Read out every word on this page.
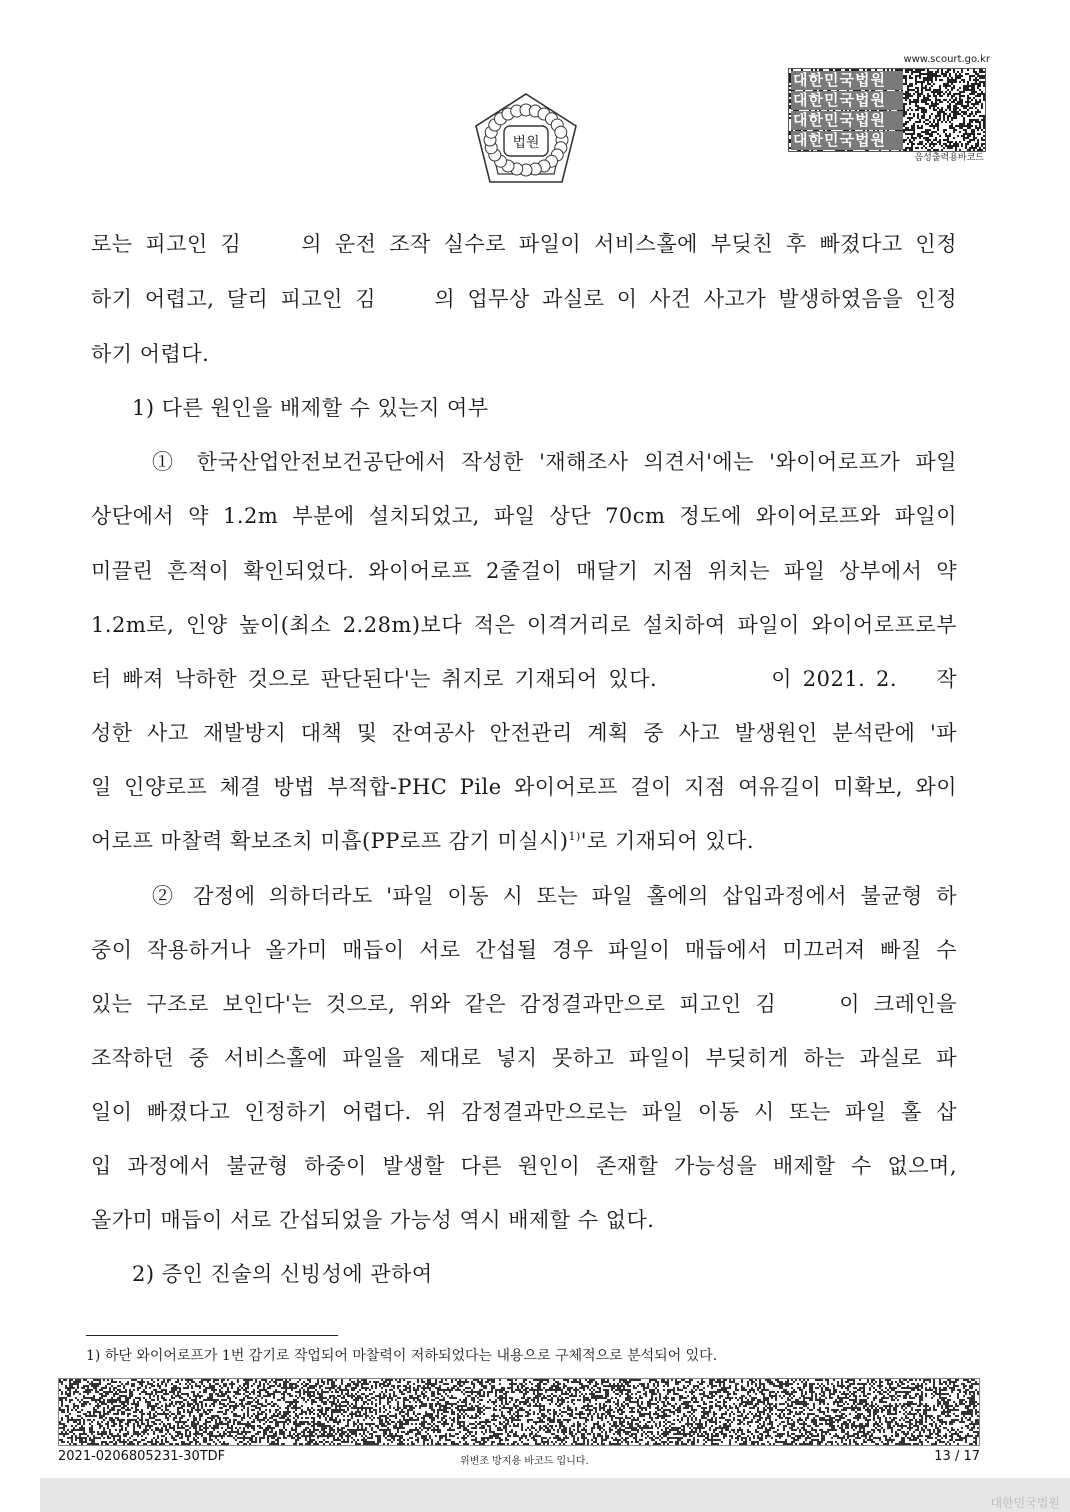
법원
www.scourt.go.kr
대한민국법원
대한민국법원
대한민국법원
대한민국법원
음성출력용바코드
로는 피고인 김　　의 운전 조작 실수로 파일이 서비스홀에 부딪친 후 빠졌다고 인정
하기 어렵고, 달리 피고인 김　　의 업무상 과실로 이 사건 사고가 발생하였음을 인정
하기 어렵다.
1) 다른 원인을 배제할 수 있는지 여부
① 한국산업안전보건공단에서 작성한 '재해조사 의견서'에는 '와이어로프가 파일
상단에서 약 1.2m 부분에 설치되었고, 파일 상단 70cm 정도에 와이어로프와 파일이
미끌린 흔적이 확인되었다. 와이어로프 2줄걸이 매달기 지점 위치는 파일 상부에서 약
1.2m로, 인양 높이(최소 2.28m)보다 적은 이격거리로 설치하여 파일이 와이어로프로부
터 빠져 낙하한 것으로 판단된다'는 취지로 기재되어 있다.　　　　 이 2021. 2.　 작
성한 사고 재발방지 대책 및 잔여공사 안전관리 계획 중 사고 발생원인 분석란에 '파
일 인양로프 체결 방법 부적합-PHC Pile 와이어로프 걸이 지점 여유길이 미확보, 와이
어로프 마찰력 확보조치 미흡(PP로프 감기 미실시)$^{1)}$'로 기재되어 있다.
② 감정에 의하더라도 '파일 이동 시 또는 파일 홀에의 삽입과정에서 불균형 하
중이 작용하거나 올가미 매듭이 서로 간섭될 경우 파일이 매듭에서 미끄러져 빠질 수
있는 구조로 보인다'는 것으로, 위와 같은 감정결과만으로 피고인 김　　이 크레인을
조작하던 중 서비스홀에 파일을 제대로 넣지 못하고 파일이 부딪히게 하는 과실로 파
일이 빠졌다고 인정하기 어렵다. 위 감정결과만으로는 파일 이동 시 또는 파일 홀 삽
입 과정에서 불균형 하중이 발생할 다른 원인이 존재할 가능성을 배제할 수 없으며,
올가미 매듭이 서로 간섭되었을 가능성 역시 배제할 수 없다.
2) 증인 진술의 신빙성에 관하여
1) 하단 와이어로프가 1번 감기로 작업되어 마찰력이 저하되었다는 내용으로 구체적으로 분석되어 있다.
2021-0206805231-30TDF	위변조 방지용 바코드 입니다.	13 / 17
대한민국법원
